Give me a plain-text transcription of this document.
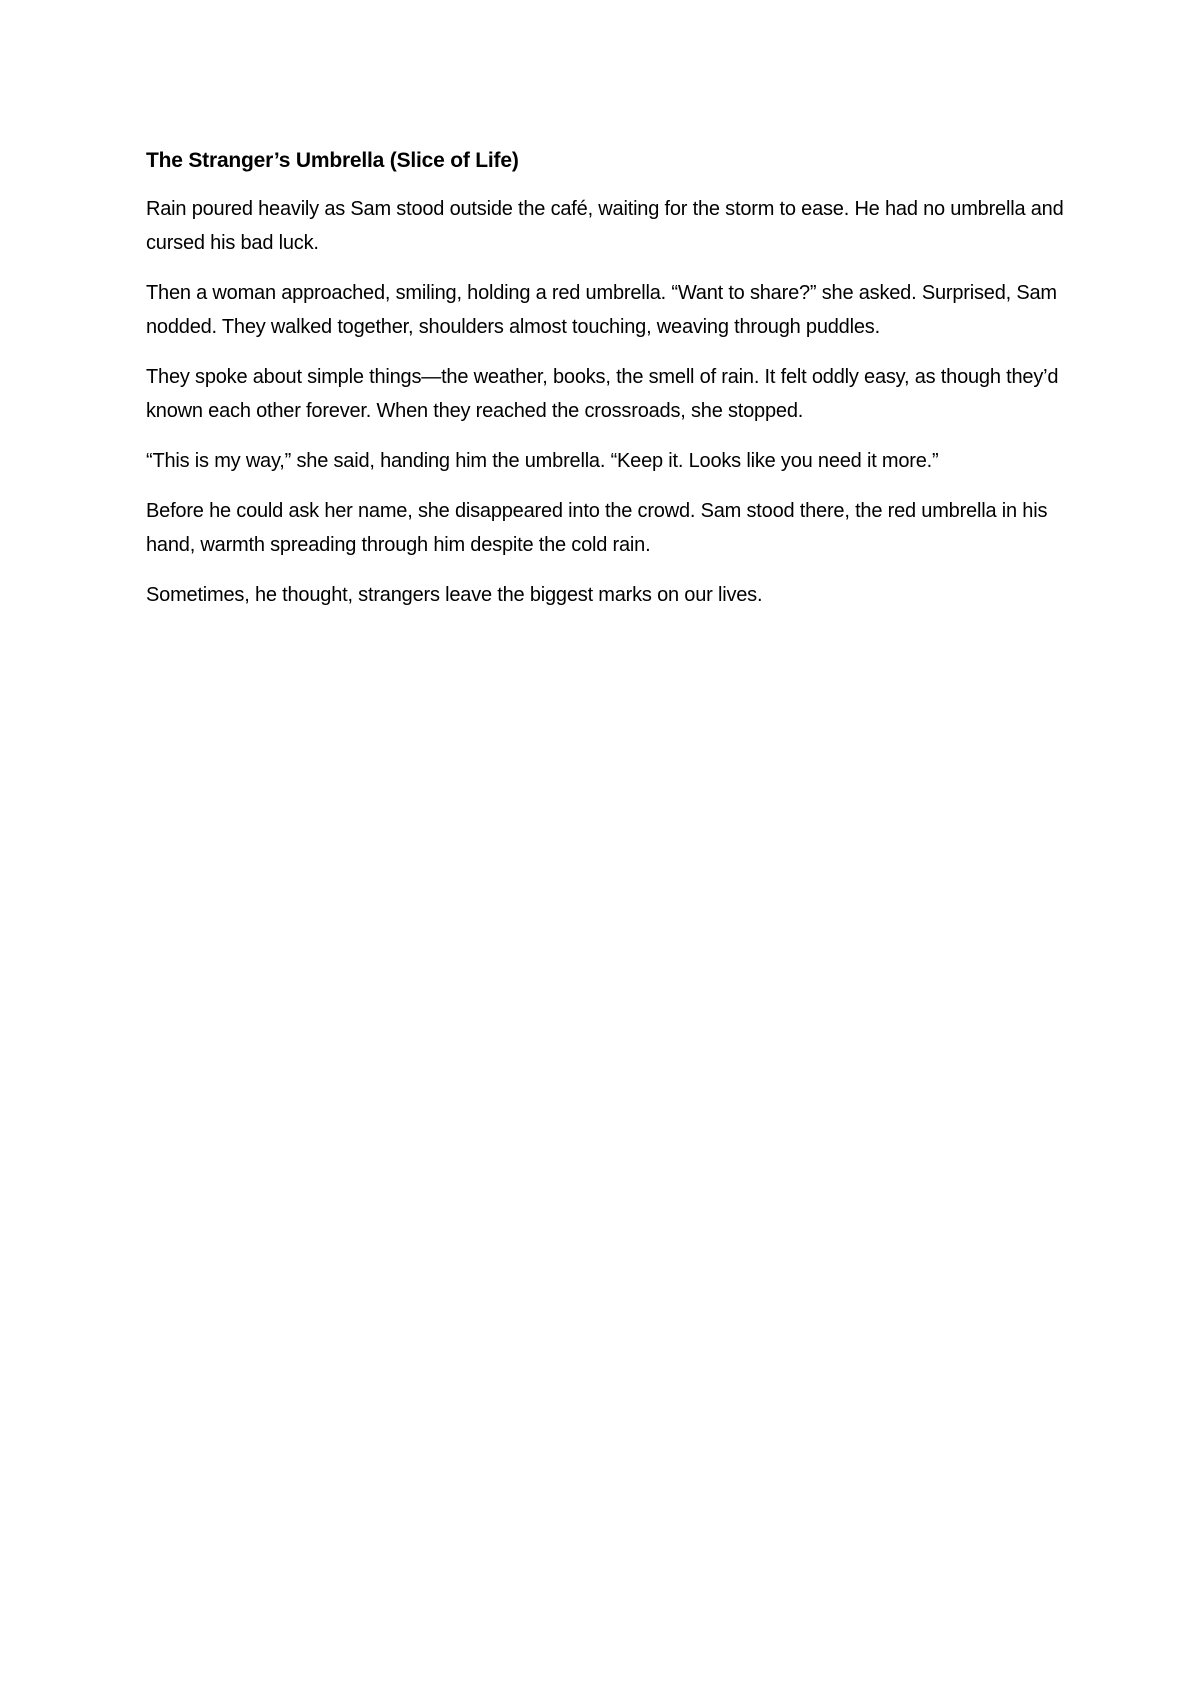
The Stranger’s Umbrella (Slice of Life)

Rain poured heavily as Sam stood outside the café, waiting for the storm to ease. He had no umbrella and cursed his bad luck.

Then a woman approached, smiling, holding a red umbrella. “Want to share?” she asked. Surprised, Sam nodded. They walked together, shoulders almost touching, weaving through puddles.

They spoke about simple things—the weather, books, the smell of rain. It felt oddly easy, as though they’d known each other forever. When they reached the crossroads, she stopped.

“This is my way,” she said, handing him the umbrella. “Keep it. Looks like you need it more.”

Before he could ask her name, she disappeared into the crowd. Sam stood there, the red umbrella in his hand, warmth spreading through him despite the cold rain.

Sometimes, he thought, strangers leave the biggest marks on our lives.
